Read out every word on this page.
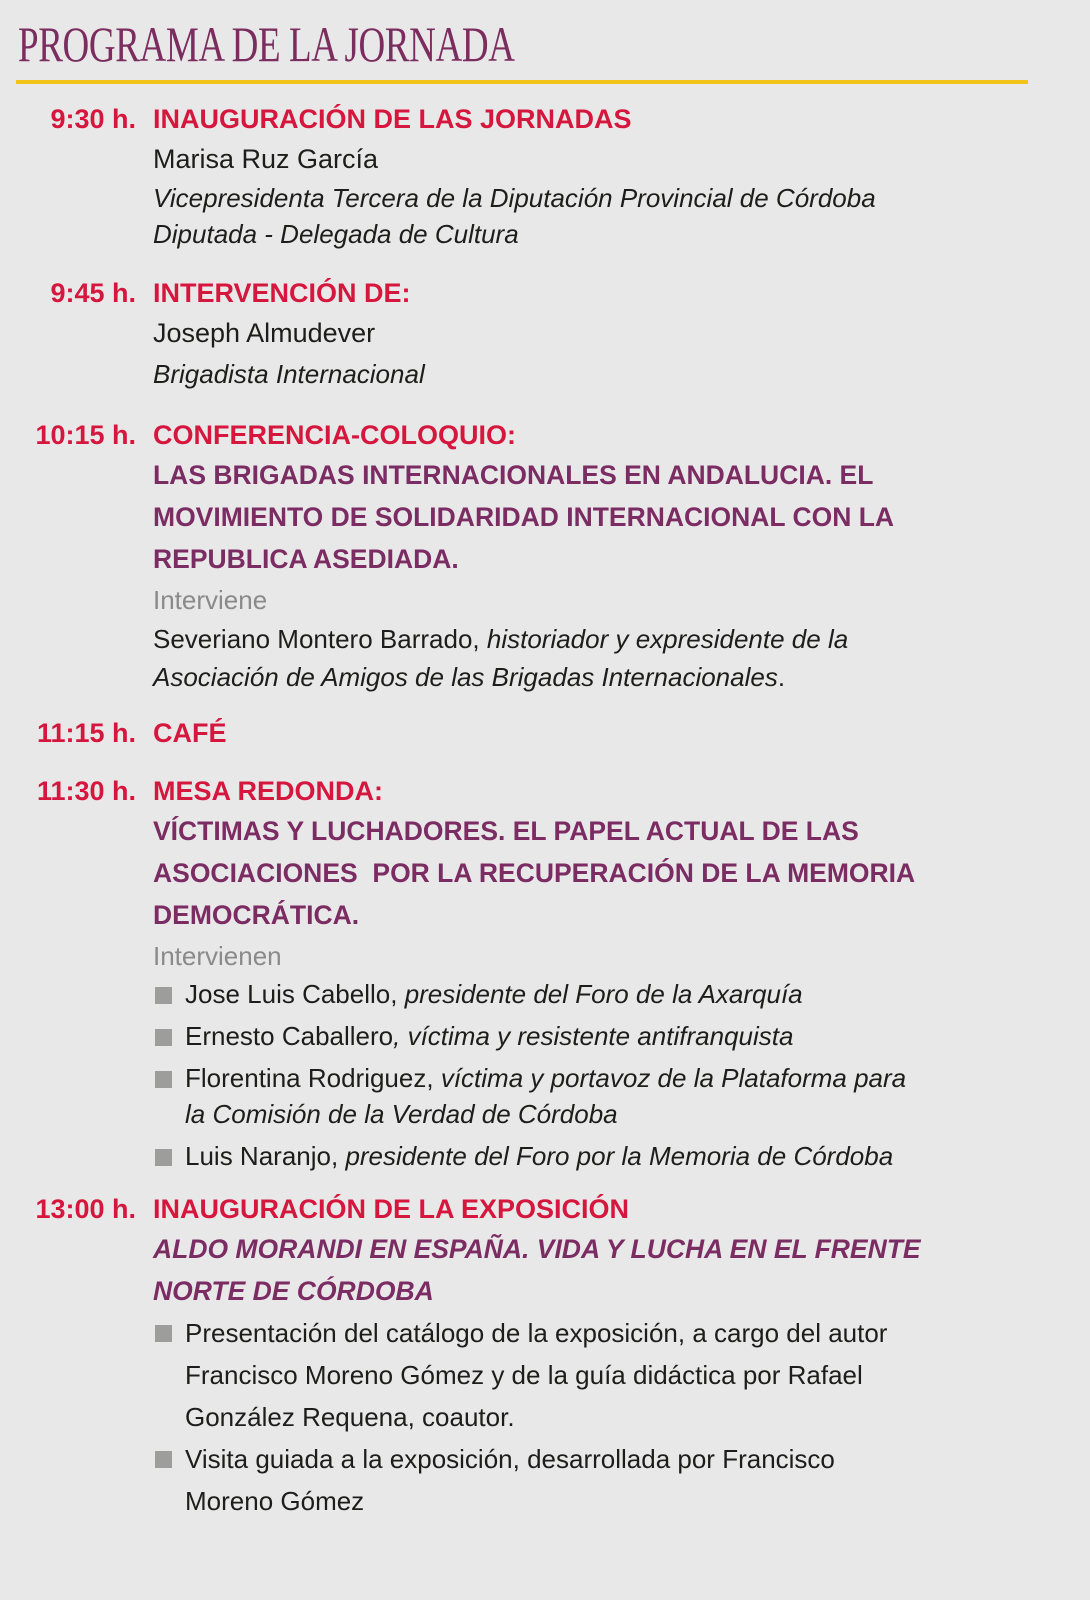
PROGRAMA DE LA JORNADA
9:30 h. INAUGURACIÓN DE LAS JORNADAS
Marisa Ruz García
Vicepresidenta Tercera de la Diputación Provincial de Córdoba
Diputada - Delegada de Cultura
9:45 h. INTERVENCIÓN DE:
Joseph Almudever
Brigadista Internacional
10:15 h. CONFERENCIA-COLOQUIO:
LAS BRIGADAS INTERNACIONALES EN ANDALUCIA. EL
MOVIMIENTO DE SOLIDARIDAD INTERNACIONAL CON LA
REPUBLICA ASEDIADA.
Interviene
Severiano Montero Barrado, historiador y expresidente de la
Asociación de Amigos de las Brigadas Internacionales.
11:15 h. CAFÉ
11:30 h. MESA REDONDA:
VÍCTIMAS Y LUCHADORES. EL PAPEL ACTUAL DE LAS
ASOCIACIONES  POR LA RECUPERACIÓN DE LA MEMORIA
DEMOCRÁTICA.
Intervienen
Jose Luis Cabello, presidente del Foro de la Axarquía
Ernesto Caballero, víctima y resistente antifranquista
Florentina Rodriguez, víctima y portavoz de la Plataforma para
la Comisión de la Verdad de Córdoba
Luis Naranjo, presidente del Foro por la Memoria de Córdoba
13:00 h. INAUGURACIÓN DE LA EXPOSICIÓN
ALDO MORANDI EN ESPAÑA. VIDA Y LUCHA EN EL FRENTE
NORTE DE CÓRDOBA
Presentación del catálogo de la exposición, a cargo del autor
Francisco Moreno Gómez y de la guía didáctica por Rafael
González Requena, coautor.
Visita guiada a la exposición, desarrollada por Francisco
Moreno Gómez
